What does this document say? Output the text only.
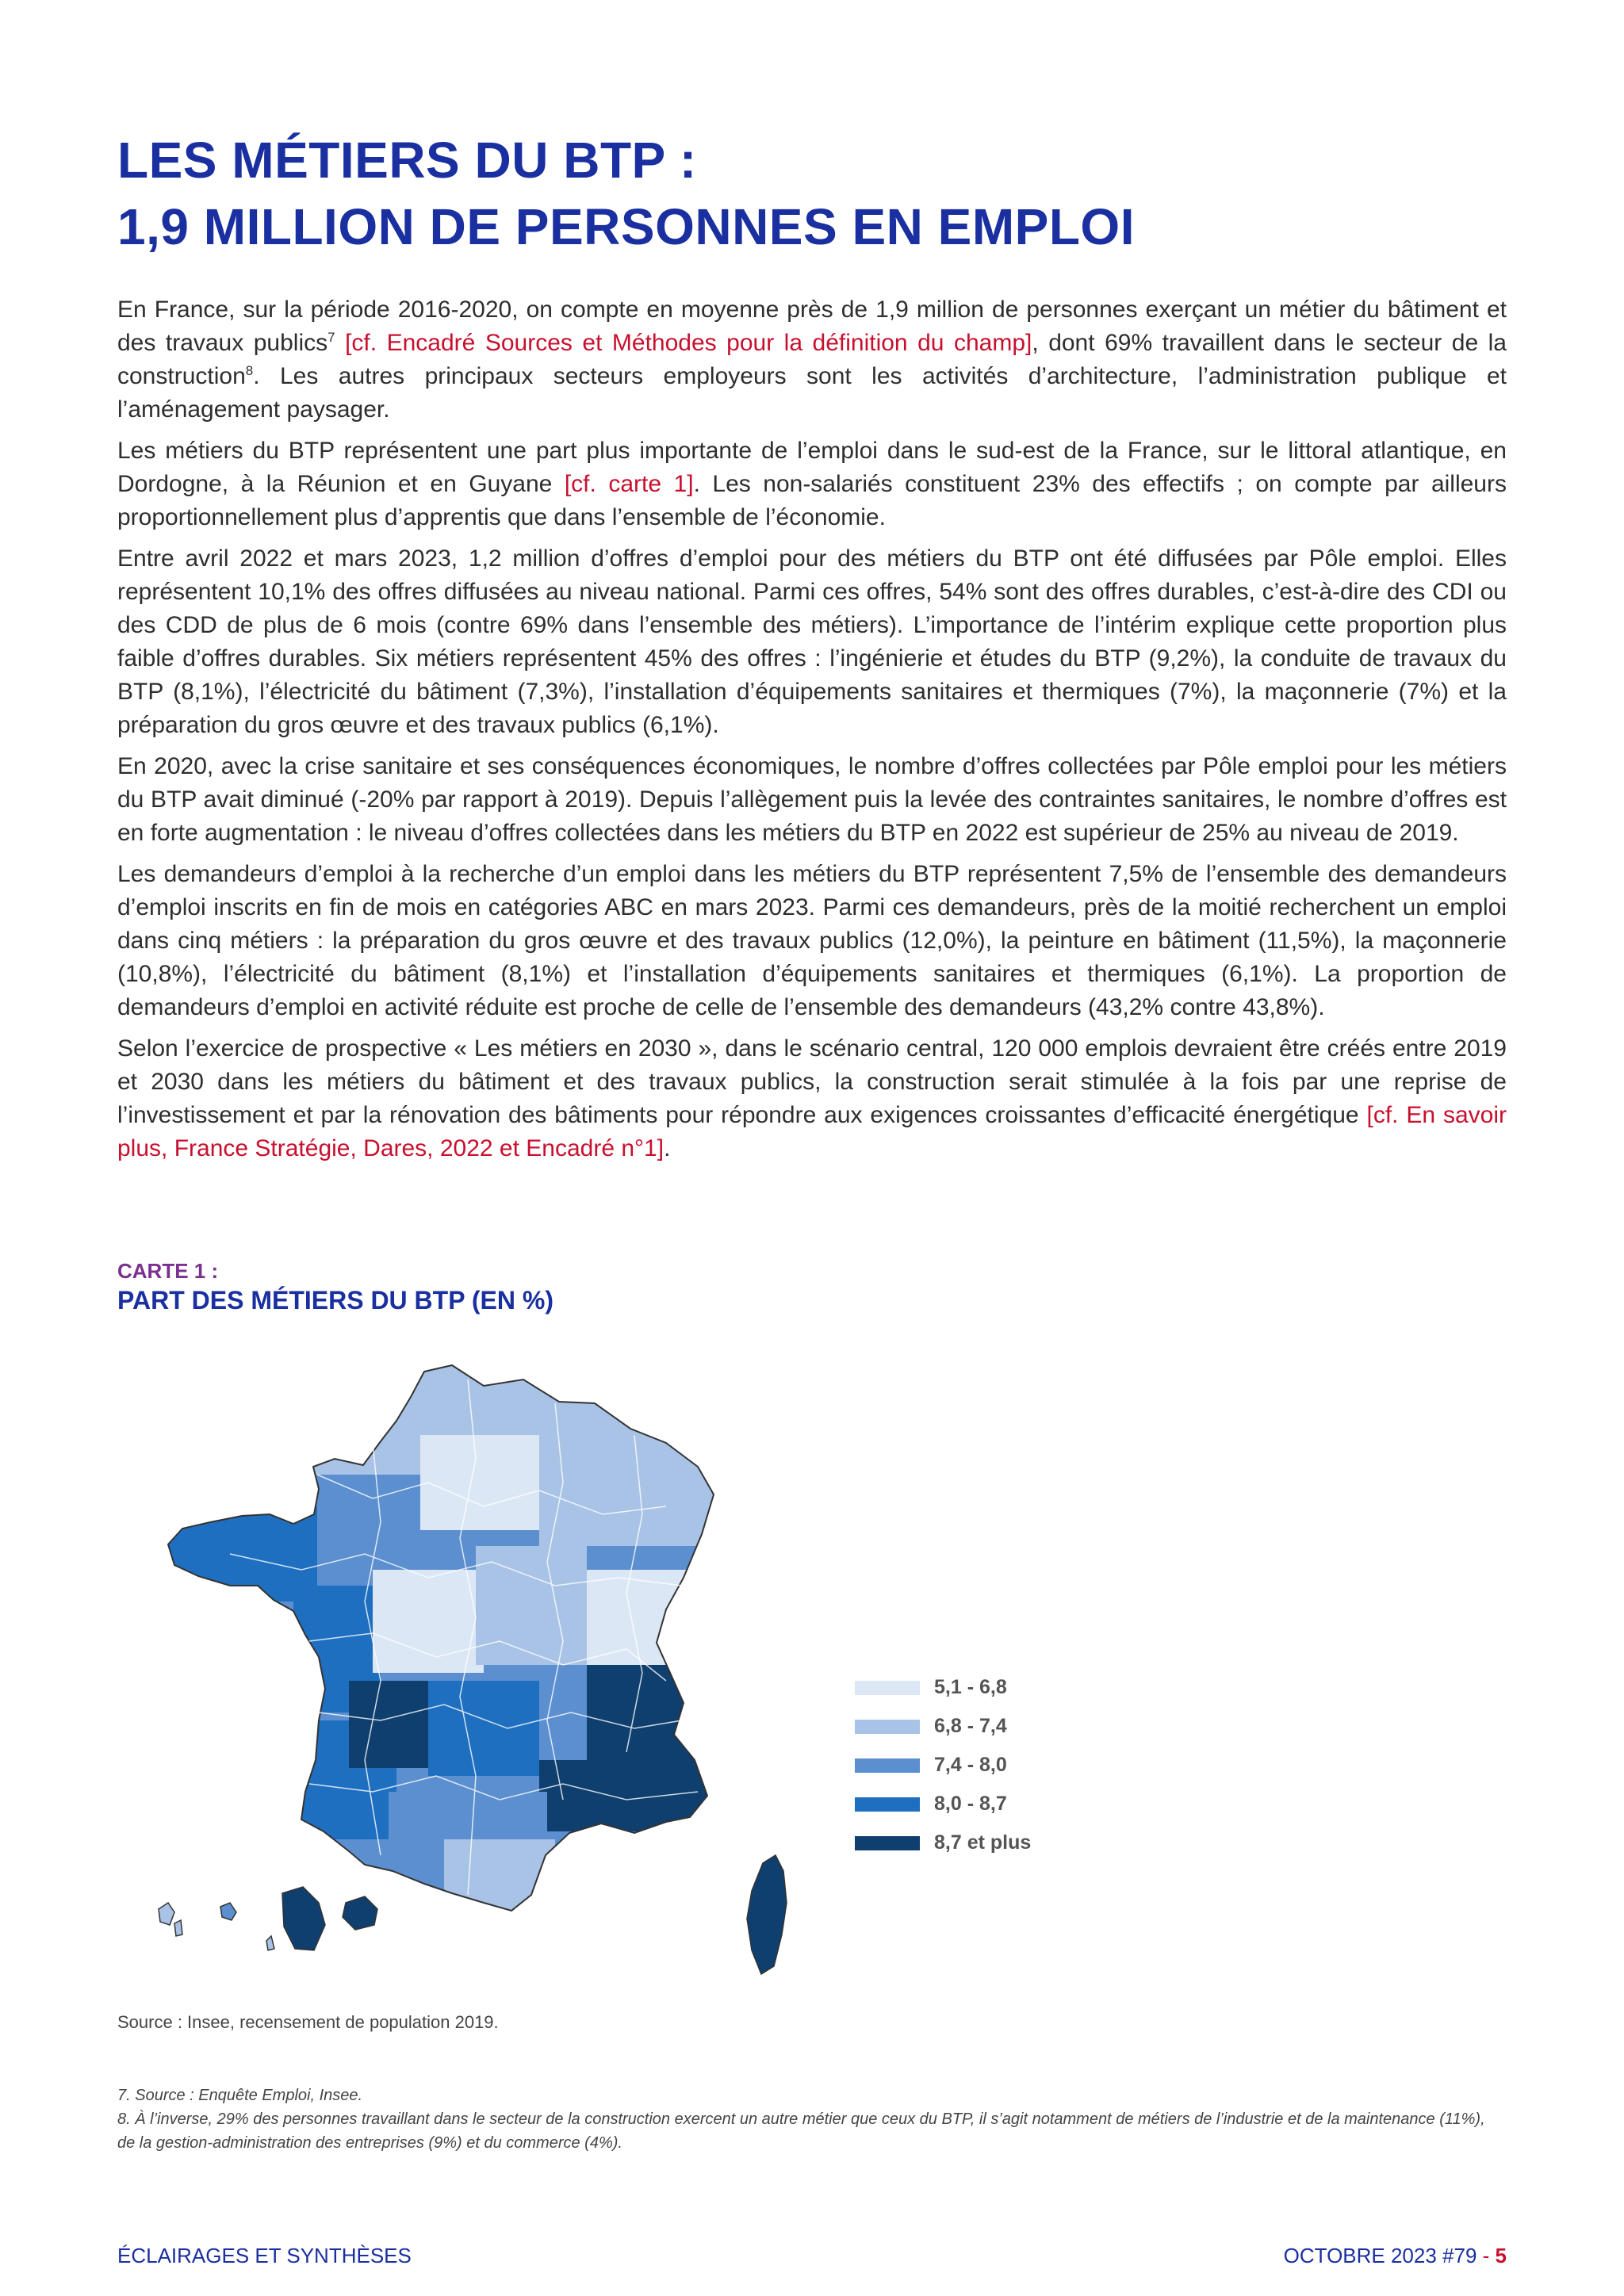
LES MÉTIERS DU BTP :
1,9 MILLION DE PERSONNES EN EMPLOI

En France, sur la période 2016-2020, on compte en moyenne près de 1,9 million de personnes exerçant un métier du bâtiment et des travaux publics$^7$ [cf. Encadré Sources et Méthodes pour la définition du champ], dont 69% travaillent dans le secteur de la construction$^8$. Les autres principaux secteurs employeurs sont les activités d’architecture, l’administration publique et l’aménagement paysager.

Les métiers du BTP représentent une part plus importante de l’emploi dans le sud-est de la France, sur le littoral atlantique, en Dordogne, à la Réunion et en Guyane [cf. carte 1]. Les non-salariés constituent 23% des effectifs ; on compte par ailleurs proportionnellement plus d’apprentis que dans l’ensemble de l’économie.

Entre avril 2022 et mars 2023, 1,2 million d’offres d’emploi pour des métiers du BTP ont été diffusées par Pôle emploi. Elles représentent 10,1% des offres diffusées au niveau national. Parmi ces offres, 54% sont des offres durables, c’est-à-dire des CDI ou des CDD de plus de 6 mois (contre 69% dans l’ensemble des métiers). L’importance de l’intérim explique cette proportion plus faible d’offres durables. Six métiers représentent 45% des offres : l’ingénierie et études du BTP (9,2%), la conduite de travaux du BTP (8,1%), l’électricité du bâtiment (7,3%), l’installation d’équipements sanitaires et thermiques (7%), la maçonnerie (7%) et la préparation du gros œuvre et des travaux publics (6,1%).

En 2020, avec la crise sanitaire et ses conséquences économiques, le nombre d’offres collectées par Pôle emploi pour les métiers du BTP avait diminué (-20% par rapport à 2019). Depuis l’allègement puis la levée des contraintes sanitaires, le nombre d’offres est en forte augmentation : le niveau d’offres collectées dans les métiers du BTP en 2022 est supérieur de 25% au niveau de 2019.

Les demandeurs d’emploi à la recherche d’un emploi dans les métiers du BTP représentent 7,5% de l’ensemble des demandeurs d’emploi inscrits en fin de mois en catégories ABC en mars 2023. Parmi ces demandeurs, près de la moitié recherchent un emploi dans cinq métiers : la préparation du gros œuvre et des travaux publics (12,0%), la peinture en bâtiment (11,5%), la maçonnerie (10,8%), l’électricité du bâtiment (8,1%) et l’installation d’équipements sanitaires et thermiques (6,1%). La proportion de demandeurs d’emploi en activité réduite est proche de celle de l’ensemble des demandeurs (43,2% contre 43,8%).

Selon l’exercice de prospective « Les métiers en 2030 », dans le scénario central, 120 000 emplois devraient être créés entre 2019 et 2030 dans les métiers du bâtiment et des travaux publics, la construction serait stimulée à la fois par une reprise de l’investissement et par la rénovation des bâtiments pour répondre aux exigences croissantes d’efficacité énergétique [cf. En savoir plus, France Stratégie, Dares, 2022 et Encadré n°1].

CARTE 1 :
PART DES MÉTIERS DU BTP (EN %)
5,1 - 6,8
6,8 - 7,4
7,4 - 8,0
8,0 - 8,7
8,7 et plus
Source : Insee, recensement de population 2019.

7. Source : Enquête Emploi, Insee.

8. À l’inverse, 29% des personnes travaillant dans le secteur de la construction exercent un autre métier que ceux du BTP, il s’agit notamment de métiers de l’industrie et de la maintenance (11%), de la gestion-administration des entreprises (9%) et du commerce (4%).

ÉCLAIRAGES ET SYNTHÈSES	OCTOBRE 2023 #79 - 5
